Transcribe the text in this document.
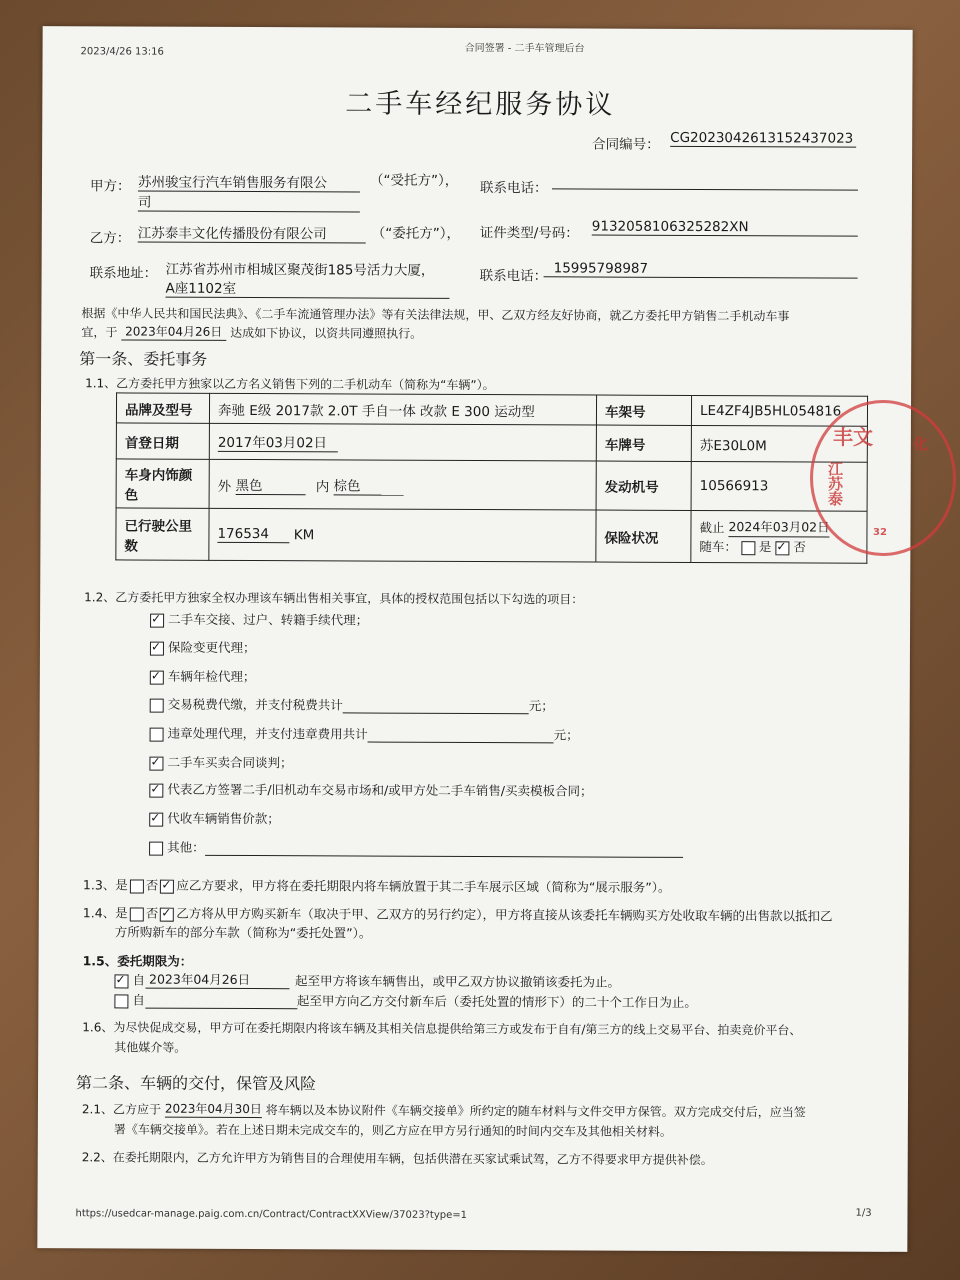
2023/4/26 13:16	合同签署 - 二手车管理后台
二手车经纪服务协议
合同编号： CG20230426131524370​23
甲方： 苏州骏宝行汽车销售服务有限公
司
（“受托方”）， 联系电话：
乙方： 江苏泰丰文化传播股份有限公司	（“委托方”）， 证件类型/号码： 913205810632​5282XN
联系地址： 江苏省苏州市相城区聚茂街185号活力大厦，
A座1102室
联系电话： 15995798987
根据《中华人民共和国民法典》、《二手车流通管理办法》等有关法律法规，甲、乙双方经友好协商，就乙方委托甲方销售二手机动车事
宜，于 2023年04月26日 达成如下协议，以资共同遵照执行。
第一条、委托事务
1.1、乙方委托甲方独家以乙方名义销售下列的二手机动车（简称为“车辆”）。
品牌及型号	奔驰 E级 2017款 2.0T 手自一体 改款 E 300 运动型	车架号	LE4ZF4JB5HL054816
首登日期	2017年03月02日	车牌号	苏E30L0M
车身内饰颜色	外 黑色 内 棕色	发动机号	10566913
已行驶公里数	176534 KM	保险状况	截止 2024年03月02日
随车： 是 ✓ 否
1.2、乙方委托甲方独家全权办理该车辆出售相关事宜，具体的授权范围包括以下勾选的项目：
✓二手车交接、过户、转籍手续代理；
✓保险变更代理；
✓车辆年检代理；
交易税费代缴，并支付税费共计	元；
违章处理代理，并支付违章费用共计	元；
✓二手车买卖合同谈判；
✓代表乙方签署二手/旧机动车交易市场和/或甲方处二手车销售/买卖模板合同；
✓代收车辆销售价款；
其他：
1.3、是 否 ✓ 应乙方要求，甲方将在委托期限内将车辆放置于其二手车展示区域（简称为“展示服务”）。
1.4、是 否 ✓ 乙方将从甲方购买新车（取决于甲、乙双方的另行约定），甲方将直接从该委托车辆购买方处收取车辆的出售款以抵扣乙
方所购新车的部分车款（简称为“委托处置”）。
1.5、委托期限为：
✓自 2023年04月26日	起至甲方将该车辆售出，或甲乙双方协议撤销该委托为止。
自	起至甲方向乙方交付新车后（委托处置的情形下）的二十个工作日为止。
1.6、为尽快促成交易，甲方可在委托期限内将该车辆及其相关信息提供给第三方或发布于自有/第三方的线上交易平台、拍卖竞价平台、
其他媒介等。
第二条、车辆的交付，保管及风险
2.1、乙方应于 2023年04月30日 将车辆以及本协议附件《车辆交接单》所约定的随车材料与文件交甲方保管。双方完成交付后，应当签
署《车辆交接单》。若在上述日期未完成交车的，则乙方应在甲方另行通知的时间内交车及其他相关材料。
2.2、在委托期限内，乙方允许甲方为销售目的合理使用车辆，包括供潜在买家试乘试驾，乙方不得要求甲方提供补偿。
https://usedcar-manage.paig.com.cn/Contract/ContractXXView/37023?type=1	1/3
丰文
江苏泰
化
32
